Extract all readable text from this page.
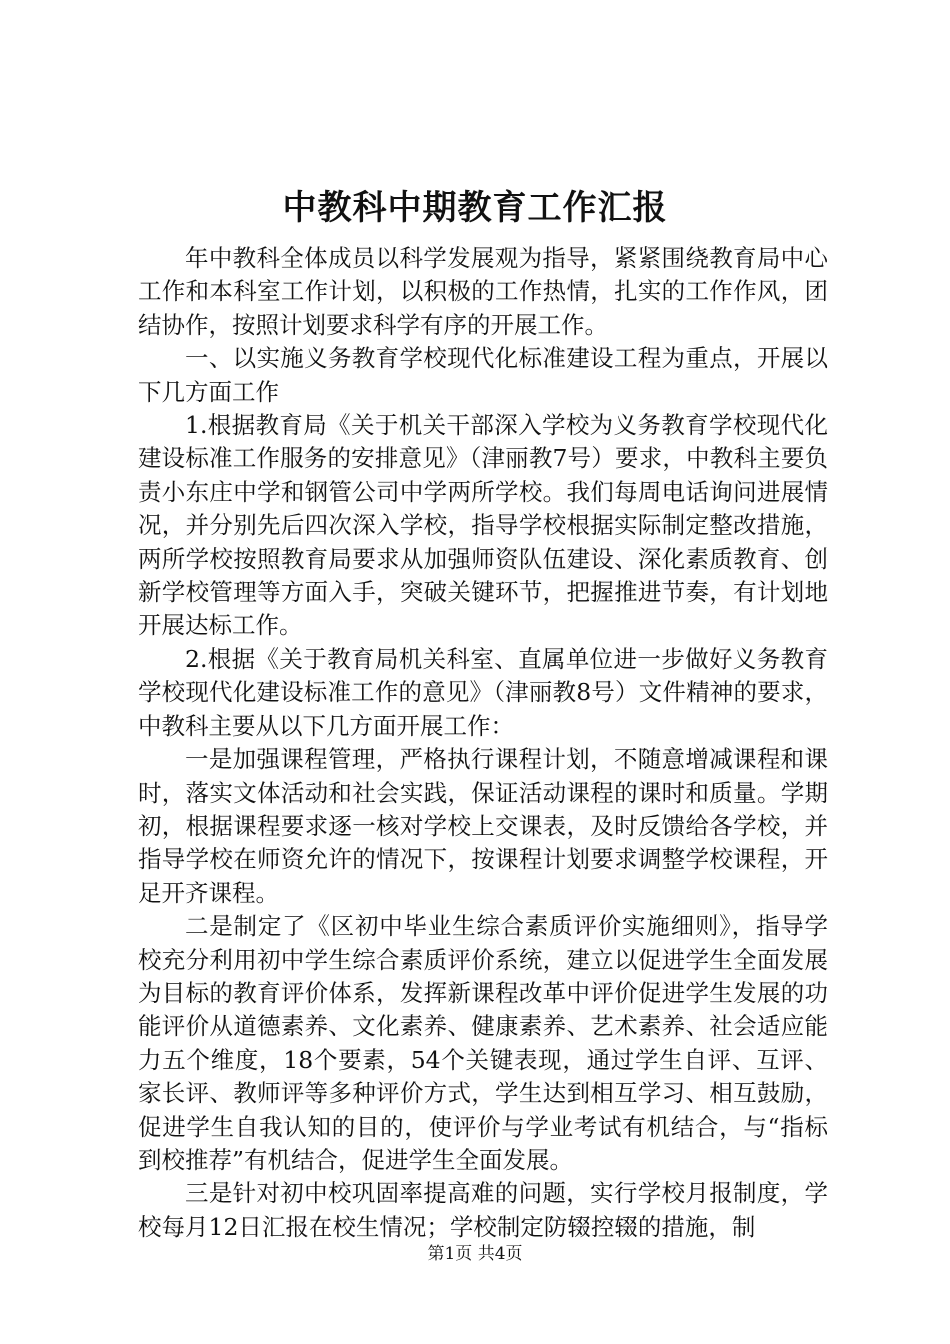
中教科中期教育工作汇报

年中教科全体成员以科学发展观为指导，紧紧围绕教育局中心工作和本科室工作计划，以积极的工作热情，扎实的工作作风，团结协作，按照计划要求科学有序的开展工作。

一、以实施义务教育学校现代化标准建设工程为重点，开展以下几方面工作

1.根据教育局《关于机关干部深入学校为义务教育学校现代化建设标准工作服务的安排意见》（津丽教7号）要求，中教科主要负责小东庄中学和钢管公司中学两所学校。我们每周电话询问进展情况，并分别先后四次深入学校，指导学校根据实际制定整改措施，两所学校按照教育局要求从加强师资队伍建设、深化素质教育、创新学校管理等方面入手，突破关键环节，把握推进节奏，有计划地开展达标工作。

2.根据《关于教育局机关科室、直属单位进一步做好义务教育学校现代化建设标准工作的意见》（津丽教8号）文件精神的要求，中教科主要从以下几方面开展工作：

一是加强课程管理，严格执行课程计划，不随意增减课程和课时，落实文体活动和社会实践，保证活动课程的课时和质量。学期初，根据课程要求逐一核对学校上交课表，及时反馈给各学校，并指导学校在师资允许的情况下，按课程计划要求调整学校课程，开足开齐课程。

二是制定了《区初中毕业生综合素质评价实施细则》，指导学校充分利用初中学生综合素质评价系统，建立以促进学生全面发展为目标的教育评价体系，发挥新课程改革中评价促进学生发展的功能评价从道德素养、文化素养、健康素养、艺术素养、社会适应能力五个维度，18个要素，54个关键表现，通过学生自评、互评、家长评、教师评等多种评价方式，学生达到相互学习、相互鼓励，促进学生自我认知的目的，使评价与学业考试有机结合，与“指标到校推荐”有机结合，促进学生全面发展。

三是针对初中校巩固率提高难的问题，实行学校月报制度，学校每月12日汇报在校生情况；学校制定防辍控辍的措施，制

第1页 共4页
